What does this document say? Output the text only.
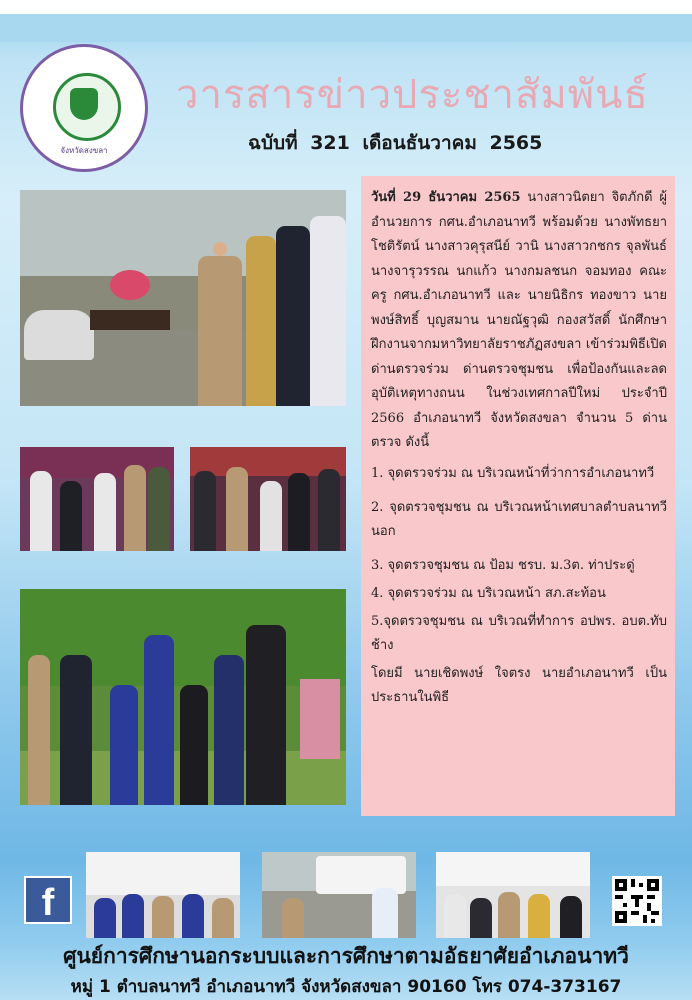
จังหวัดสงขลา
วารสารข่าวประชาสัมพันธ์
ฉบับที่ 321 เดือนธันวาคม 2565

วันที่ 29 ธันวาคม 2565 นางสาวนิตยา จิตภักดี ผู้อำนวยการ กศน.อำเภอนาทวี พร้อมด้วย นางพัทธยา โชติรัตน์ นางสาวคุรุสนีย์ วานิ นางสาวกชกร จุลพันธ์ นางจารุวรรณ นกแก้ว นางกมลชนก จอมทอง คณะครู กศน.อำเภอนาทวี และ นายนิธิกร ทองขาว นายพงษ์สิทธิ์ บุญสมาน นายณัฐวุฒิ กองสวัสดิ์ นักศึกษาฝึกงานจากมหาวิทยาลัยราชภัฏสงขลา เข้าร่วมพิธีเปิดด่านตรวจร่วม ด่านตรวจชุมชน เพื่อป้องกันและลดอุบัติเหตุทางถนน ในช่วงเทศกาลปีใหม่ ประจำปี 2566 อำเภอนาทวี จังหวัดสงขลา จำนวน 5 ด่าน ตรวจ ดังนี้

1. จุดตรวจร่วม ณ บริเวณหน้าที่ว่าการอำเภอนาทวี

2. จุดตรวจชุมชน ณ บริเวณหน้าเทศบาลตำบลนาทวีนอก

3. จุดตรวจชุมชน ณ ป้อม ชรบ. ม.3ต. ท่าประดู่

4. จุดตรวจร่วม ณ บริเวณหน้า สภ.สะท้อน

5.จุดตรวจชุมชน ณ บริเวณที่ทำการ อปพร. อบต.ทับช้าง

โดยมี นายเชิดพงษ์ ใจตรง นายอำเภอนาทวี เป็นประธานในพิธี

f
ศูนย์การศึกษานอกระบบและการศึกษาตามอัธยาศัยอำเภอนาทวี
หมู่ 1 ตำบลนาทวี อำเภอนาทวี จังหวัดสงขลา 90160 โทร 074-373167
